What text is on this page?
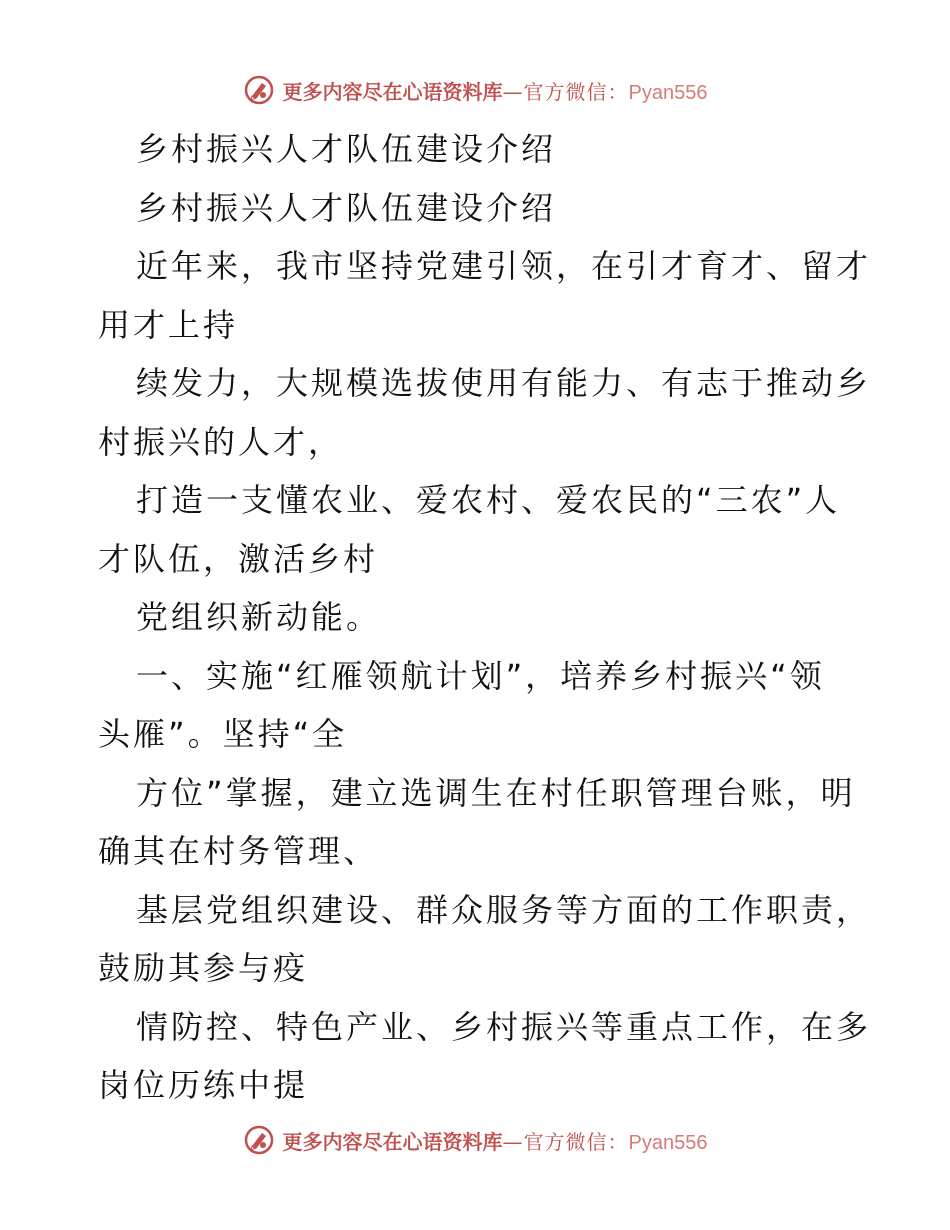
更多内容尽在心语资料库 — 官方微信： Pyan556
乡村振兴人才队伍建设介绍
乡村振兴人才队伍建设介绍
近年来，我市坚持党建引领，在引才育才、留才
用才上持
续发力，大规模选拔使用有能力、有志于推动乡
村振兴的人才，
打造一支懂农业、爱农村、爱农民的“三农”人
才队伍，激活乡村
党组织新动能。
一、实施“红雁领航计划”，培养乡村振兴“领
头雁”。坚持“全
方位”掌握，建立选调生在村任职管理台账，明
确其在村务管理、
基层党组织建设、群众服务等方面的工作职责，
鼓励其参与疫
情防控、特色产业、乡村振兴等重点工作，在多
岗位历练中提
更多内容尽在心语资料库 — 官方微信： Pyan556
